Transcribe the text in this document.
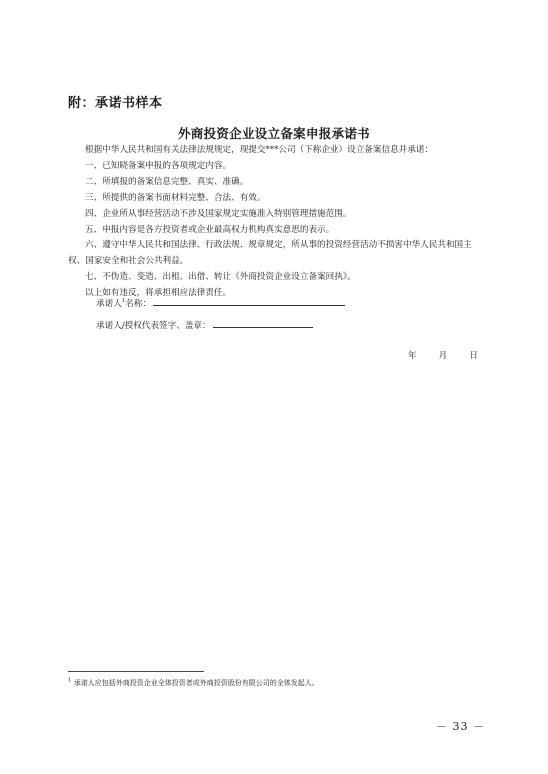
附：承诺书样本
外商投资企业设立备案申报承诺书

根据中华人民共和国有关法律法规规定，现提交***公司（下称企业）设立备案信息并承诺：

一、已知晓备案申报的各项规定内容。

二、所填报的备案信息完整、真实、准确。

三、所提供的备案书面材料完整、合法、有效。

四、企业所从事经营活动不涉及国家规定实施准入特别管理措施范围。

五、申报内容是各方投资者或企业最高权力机构真实意思的表示。

六、遵守中华人民共和国法律、行政法规、规章规定，所从事的投资经营活动不损害中华人民共和国主权、国家安全和社会公共利益。

七、不伪造、变造、出租、出借、转让《外商投资企业设立备案回执》。

以上如有违反，将承担相应法律责任。

承诺人$^1$名称：
承诺人/授权代表签字、盖章：
年	月	日
$^1$ 承诺人应包括外商投资企业全体投资者或外商投资股份有限公司的全体发起人。
－ 33 －
